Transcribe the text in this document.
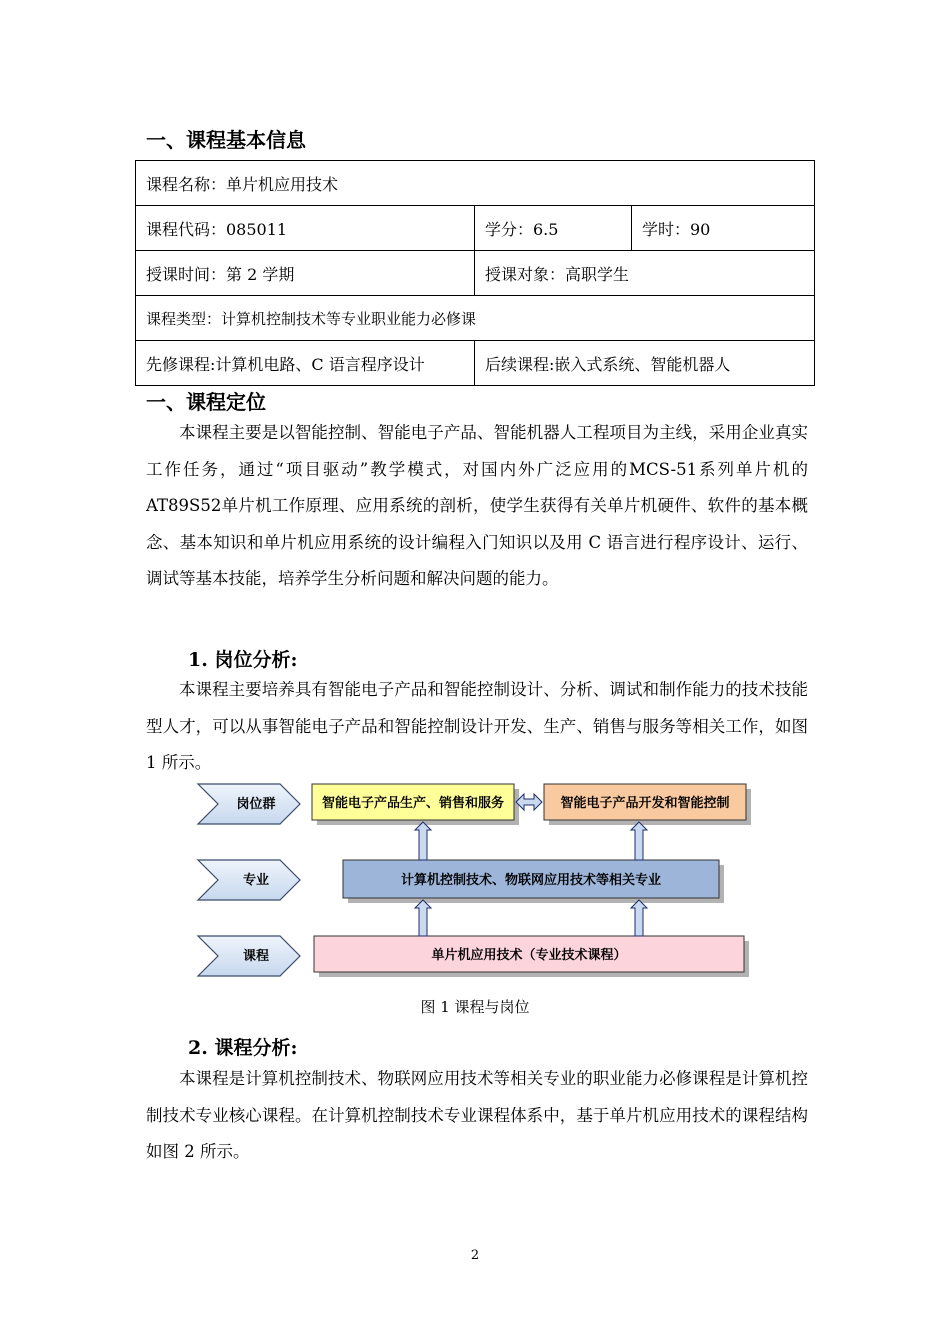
一、课程基本信息
课程名称：单片机应用技术		
课程代码：085011	学分：6.5	学时：90
授课时间：第 2 学期	授课对象：高职学生	
课程类型：计算机控制技术等专业职业能力必修课		
先修课程:计算机电路、C 语言程序设计	后续课程:嵌入式系统、智能机器人	
一、课程定位

本课程主要是以智能控制、智能电子产品、智能机器人工程项目为主线，采用企业真实工作任务，通过“项目驱动”教学模式，对国内外广泛应用的MCS-51系列单片机的AT89S52单片机工作原理、应用系统的剖析，使学生获得有关单片机硬件、软件的基本概念、基本知识和单片机应用系统的设计编程入门知识以及用 C 语言进行程序设计、运行、调试等基本技能，培养学生分析问题和解决问题的能力。

1. 岗位分析:

本课程主要培养具有智能电子产品和智能控制设计、分析、调试和制作能力的技术技能型人才，可以从事智能电子产品和智能控制设计开发、生产、销售与服务等相关工作，如图 1 所示。

岗位群
专业
课程
智能电子产品生产、销售和服务	智能电子产品开发和智能控制
计算机控制技术、物联网应用技术等相关专业
单片机应用技术（专业技术课程）
图 1 课程与岗位
2. 课程分析:

本课程是计算机控制技术、物联网应用技术等相关专业的职业能力必修课程是计算机控制技术专业核心课程。在计算机控制技术专业课程体系中，基于单片机应用技术的课程结构如图 2 所示。

2
